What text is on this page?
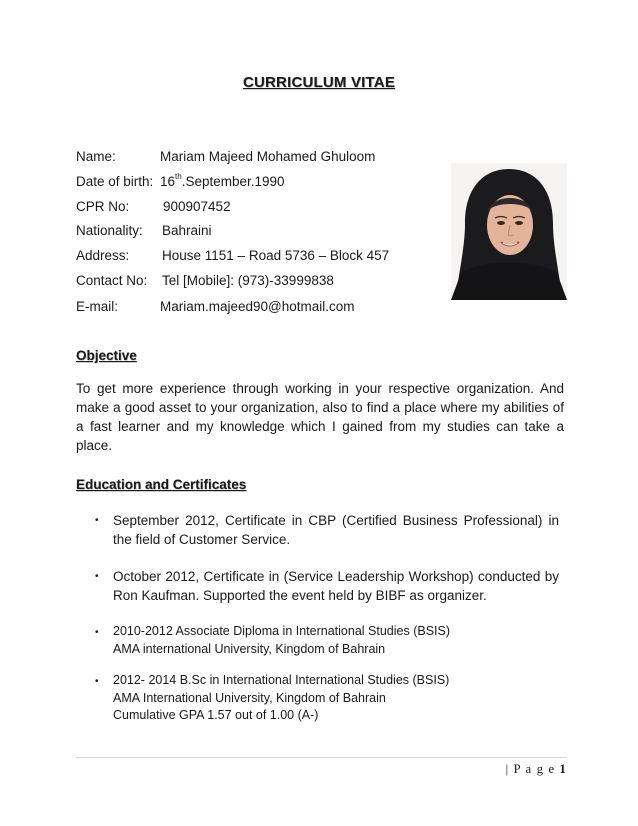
CURRICULUM VITAE
Name:	Mariam Majeed Mohamed Ghuloom
Date of birth: 16th.September.1990
CPR No: 900907452
Nationality: Bahraini
Address: House 1151 – Road 5736 – Block 457
Contact No: Tel [Mobile]: (973)-33999838
E-mail:	Mariam.majeed90@hotmail.com
Objective
To get more experience through working in your respective organization. And make a good asset to your organization, also to find a place where my abilities of a fast learner and my knowledge which I gained from my studies can take a place.
Education and Certificates
• September 2012, Certificate in CBP (Certified Business Professional) in the field of Customer Service.
• October 2012, Certificate in (Service Leadership Workshop) conducted by Ron Kaufman. Supported the event held by BIBF as organizer.
• 2010-2012 Associate Diploma in International Studies (BSIS)
AMA international University, Kingdom of Bahrain
• 2012- 2014 B.Sc in International International Studies (BSIS)
AMA International University, Kingdom of Bahrain
Cumulative GPA 1.57 out of 1.00 (A-)
| P a g e 1
